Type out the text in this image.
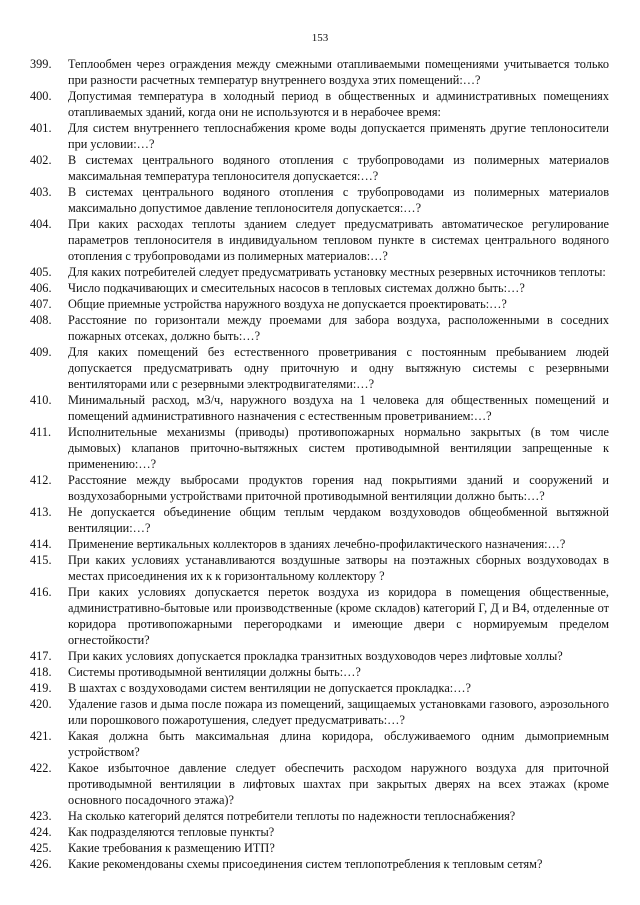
153
399.	Теплообмен через ограждения между смежными отапливаемыми помещениями учитывается только при разности расчетных температур внутреннего воздуха этих помещений:…?
400.	Допустимая температура в холодный период в общественных и административных помещениях отапливаемых зданий, когда они не используются и в нерабочее время:
401.	Для систем внутреннего теплоснабжения кроме воды допускается применять другие теплоносители при условии:…?
402.	В системах центрального водяного отопления с трубопроводами из полимерных материалов максимальная температура теплоносителя допускается:…?
403.	В системах центрального водяного отопления с трубопроводами из полимерных материалов максимально допустимое давление теплоносителя допускается:…?
404.	При каких расходах теплоты зданием следует предусматривать автоматическое регулирование параметров теплоносителя в индивидуальном тепловом пункте в системах центрального водяного отопления с трубопроводами из полимерных материалов:…?
405.	Для каких потребителей следует предусматривать установку местных резервных источников теплоты:
406.	Число подкачивающих и смесительных насосов в тепловых системах должно быть:…?
407.	Общие приемные устройства наружного воздуха не допускается проектировать:…?
408.	Расстояние по горизонтали между проемами для забора воздуха, расположенными в соседних пожарных отсеках, должно быть:…?
409.	Для каких помещений без естественного проветривания с постоянным пребыванием людей допускается предусматривать одну приточную и одну вытяжную системы с резервными вентиляторами или с резервными электродвигателями:…?
410.	Минимальный расход, м3/ч, наружного воздуха на 1 человека для общественных помещений и помещений административного назначения с естественным проветриванием:…?
411.	Исполнительные механизмы (приводы) противопожарных нормально закрытых (в том числе дымовых) клапанов приточно-вытяжных систем противодымной вентиляции запрещенные к применению:…?
412.	Расстояние между выбросами продуктов горения над покрытиями зданий и сооружений и воздухозаборными устройствами приточной противодымной вентиляции должно быть:…?
413.	Не допускается объединение общим теплым чердаком воздуховодов общеобменной вытяжной вентиляции:…?
414.	Применение вертикальных коллекторов в зданиях лечебно-профилактического назначения:…?
415.	При каких условиях устанавливаются воздушные затворы на поэтажных сборных воздуховодах в местах присоединения их к к горизонтальному коллектору ?
416.	При каких условиях допускается переток воздуха из коридора в помещения общественные, административно-бытовые или производственные (кроме складов) категорий Г, Д и В4, отделенные от коридора противопожарными перегородками и имеющие двери с нормируемым пределом огнестойкости?
417.	При каких условиях допускается прокладка транзитных воздуховодов через лифтовые холлы?
418.	Системы противодымной вентиляции должны быть:…?
419.	В шахтах с воздуховодами систем вентиляции не допускается прокладка:…?
420.	Удаление газов и дыма после пожара из помещений, защищаемых установками газового, аэрозольного или порошкового пожаротушения, следует предусматривать:…?
421.	Какая должна быть максимальная длина коридора, обслуживаемого одним дымоприемным устройством?
422.	Какое избыточное давление следует обеспечить расходом наружного воздуха для приточной противодымной вентиляции в лифтовых шахтах при закрытых дверях на всех этажах (кроме основного посадочного этажа)?
423.	На сколько категорий делятся потребители теплоты по надежности теплоснабжения?
424.	Как подразделяются тепловые пункты?
425.	Какие требования к размещению ИТП?
426.	Какие рекомендованы схемы присоединения систем теплопотребления к тепловым сетям?
